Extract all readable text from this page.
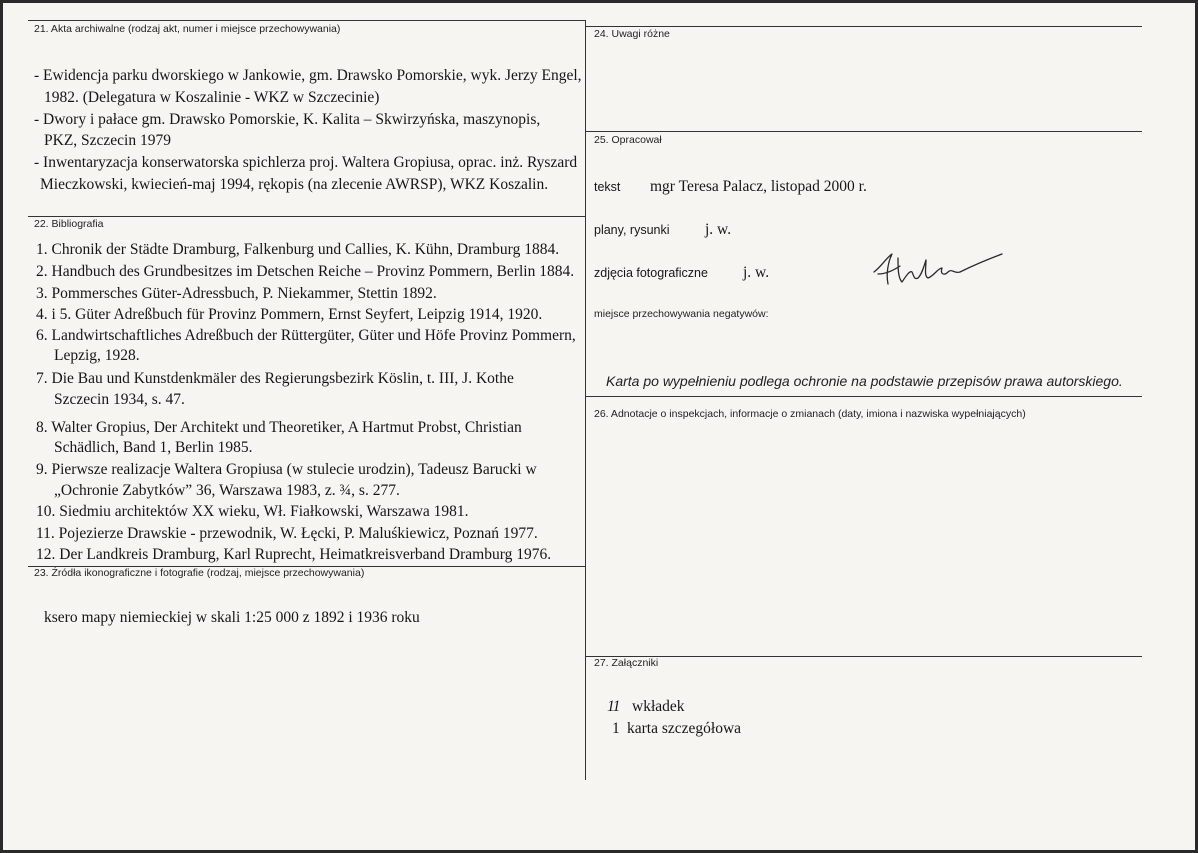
21. Akta archiwalne (rodzaj akt, numer i miejsce przechowywania)
- Ewidencja parku dworskiego w Jankowie, gm. Drawsko Pomorskie, wyk. Jerzy Engel,
1982. (Delegatura w Koszalinie - WKZ w Szczecinie)
- Dwory i pałace gm. Drawsko Pomorskie, K. Kalita – Skwirzyńska, maszynopis,
PKZ, Szczecin 1979
- Inwentaryzacja konserwatorska spichlerza proj. Waltera Gropiusa, oprac. inż. Ryszard
Mieczkowski, kwiecień-maj 1994, rękopis (na zlecenie AWRSP), WKZ Koszalin.
22. Bibliografia
1. Chronik der Städte Dramburg, Falkenburg und Callies, K. Kühn, Dramburg 1884.
2. Handbuch des Grundbesitzes im Detschen Reiche – Provinz Pommern, Berlin 1884.
3. Pommersches Güter-Adressbuch, P. Niekammer, Stettin 1892.
4. i 5. Güter Adreßbuch für Provinz Pommern, Ernst Seyfert, Leipzig 1914, 1920.
6. Landwirtschaftliches Adreßbuch der Rüttergüter, Güter und Höfe Provinz Pommern,
Lepzig, 1928.
7. Die Bau und Kunstdenkmäler des Regierungsbezirk Köslin, t. III, J. Kothe
Szczecin 1934, s. 47.
8. Walter Gropius, Der Architekt und Theoretiker, A Hartmut Probst, Christian
Schädlich, Band 1, Berlin 1985.
9. Pierwsze realizacje Waltera Gropiusa (w stulecie urodzin), Tadeusz Barucki w
„Ochronie Zabytków” 36, Warszawa 1983, z. ¾, s. 277.
10. Siedmiu architektów XX wieku, Wł. Fiałkowski, Warszawa 1981.
11. Pojezierze Drawskie - przewodnik, W. Łęcki, P. Maluśkiewicz, Poznań 1977.
12. Der Landkreis Dramburg, Karl Ruprecht, Heimatkreisverband Dramburg 1976.
23. Źródła ikonograficzne i fotografie (rodzaj, miejsce przechowywania)
ksero mapy niemieckiej w skali 1:25 000 z 1892 i 1936 roku
24. Uwagi różne
25. Opracował
tekst mgr Teresa Palacz, listopad 2000 r.
plany, rysunki j. w.
zdjęcia fotograficzne j. w.
miejsce przechowywania negatywów:
Karta po wypełnieniu podlega ochronie na podstawie przepisów prawa autorskiego.
26. Adnotacje o inspekcjach, informacje o zmianach (daty, imiona i nazwiska wypełniających)
27. Załączniki
11 wkładek
1 karta szczegółowa
